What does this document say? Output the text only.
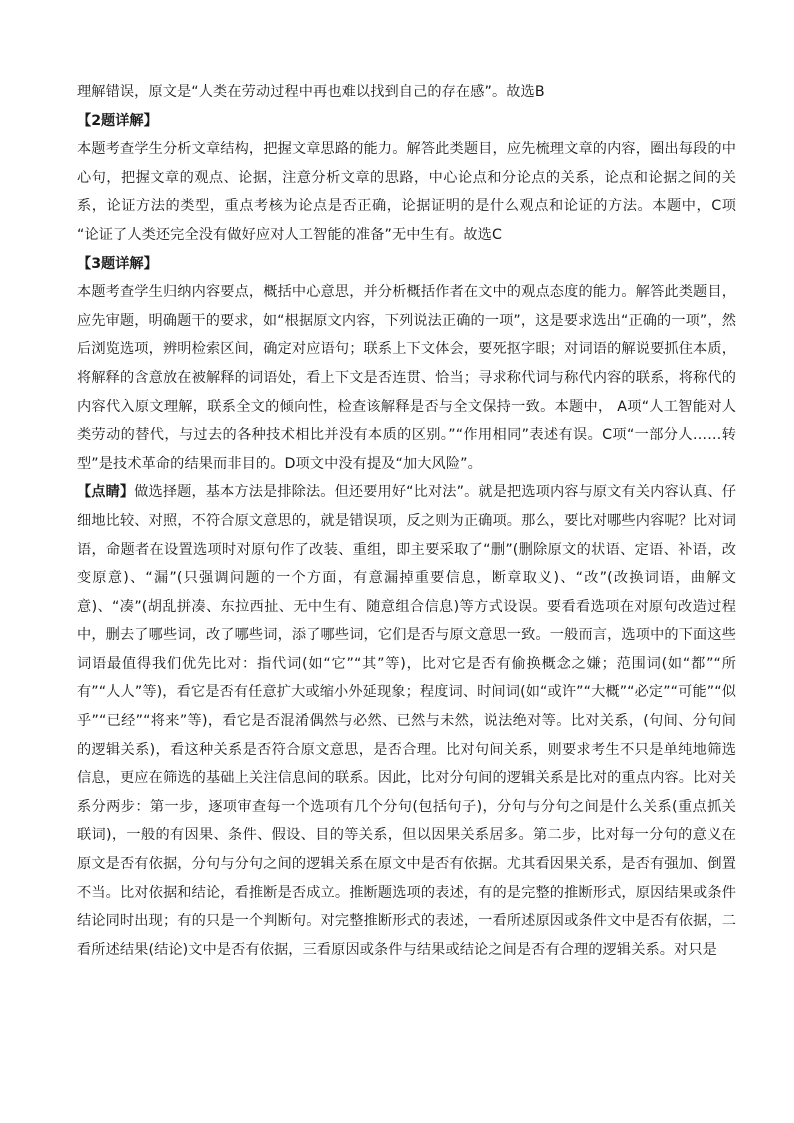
理解错误，原文是“人类在劳动过程中再也难以找到自己的存在感”。故选B

【2题详解】

本题考查学生分析文章结构，把握文章思路的能力。解答此类题目，应先梳理文章的内容，圈出每段的中心句，把握文章的观点、论据，注意分析文章的思路，中心论点和分论点的关系，论点和论据之间的关系，论证方法的类型，重点考核为论点是否正确，论据证明的是什么观点和论证的方法。本题中，C项 “论证了人类还完全没有做好应对人工智能的准备”无中生有。故选C

【3题详解】

本题考查学生归纳内容要点，概括中心意思，并分析概括作者在文中的观点态度的能力。解答此类题目，应先审题，明确题干的要求，如“根据原文内容，下列说法正确的一项”，这是要求选出“正确的一项”，然后浏览选项，辨明检索区间，确定对应语句；联系上下文体会，要死抠字眼；对词语的解说要抓住本质，将解释的含意放在被解释的词语处，看上下文是否连贯、恰当；寻求称代词与称代内容的联系，将称代的内容代入原文理解，联系全文的倾向性，检查该解释是否与全文保持一致。本题中， A项“人工智能对人类劳动的替代，与过去的各种技术相比并没有本质的区别。”“作用相同”表述有误。C项“一部分人……转型”是技术革命的结果而非目的。D项文中没有提及“加大风险”。

【点睛】做选择题，基本方法是排除法。但还要用好“比对法”。就是把选项内容与原文有关内容认真、仔细地比较、对照，不符合原文意思的，就是错误项，反之则为正确项。那么，要比对哪些内容呢？比对词语，命题者在设置选项时对原句作了改装、重组，即主要采取了“删”(删除原文的状语、定语、补语，改变原意)、“漏”(只强调问题的一个方面，有意漏掉重要信息，断章取义)、“改”(改换词语，曲解文意)、“凑”(胡乱拼凑、东拉西扯、无中生有、随意组合信息)等方式设误。要看看选项在对原句改造过程中，删去了哪些词，改了哪些词，添了哪些词，它们是否与原文意思一致。一般而言，选项中的下面这些词语最值得我们优先比对：指代词(如“它”“其”等)，比对它是否有偷换概念之嫌；范围词(如“都”“所有”“人人”等)，看它是否有任意扩大或缩小外延现象；程度词、时间词(如“或许”“大概”“必定”“可能”“似乎”“已经”“将来”等)，看它是否混淆偶然与必然、已然与未然，说法绝对等。比对关系，(句间、分句间的逻辑关系)，看这种关系是否符合原文意思，是否合理。比对句间关系，则要求考生不只是单纯地筛选信息，更应在筛选的基础上关注信息间的联系。因此，比对分句间的逻辑关系是比对的重点内容。比对关系分两步：第一步，逐项审查每一个选项有几个分句(包括句子)，分句与分句之间是什么关系(重点抓关联词)，一般的有因果、条件、假设、目的等关系，但以因果关系居多。第二步，比对每一分句的意义在原文是否有依据，分句与分句之间的逻辑关系在原文中是否有依据。尤其看因果关系，是否有强加、倒置不当。比对依据和结论，看推断是否成立。推断题选项的表述，有的是完整的推断形式，原因结果或条件结论同时出现；有的只是一个判断句。对完整推断形式的表述，一看所述原因或条件文中是否有依据，二看所述结果(结论)文中是否有依据，三看原因或条件与结果或结论之间是否有合理的逻辑关系。对只是
